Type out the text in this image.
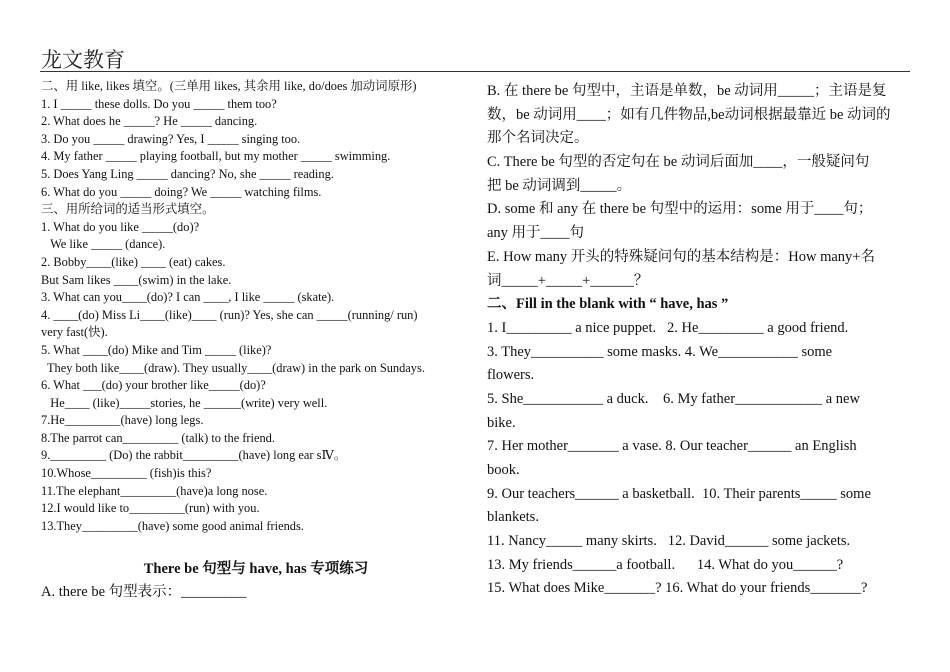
龙文教育
二、用 like, likes 填空。(三单用 likes, 其余用 like, do/does 加动词原形)
1. I _____ these dolls. Do you _____ them too?
2. What does he _____? He _____ dancing.
3. Do you _____ drawing? Yes, I _____ singing too.
4. My father _____ playing football, but my mother _____ swimming.
5. Does Yang Ling _____ dancing? No, she _____ reading.
6. What do you _____ doing? We _____ watching films.
三、用所给词的适当形式填空。
1. What do you like _____(do)?
We like _____ (dance).
2. Bobby____(like) ____ (eat) cakes.
But Sam likes ____(swim) in the lake.
3. What can you____(do)? I can ____, I like _____ (skate).
4. ____(do) Miss Li____(like)____ (run)? Yes, she can _____(running/ run)
very fast(快).
5. What ____(do) Mike and Tim _____ (like)?
They both like____(draw). They usually____(draw) in the park on Sundays.
6. What ___(do) your brother like_____(do)?
He____ (like)_____stories, he ______(write) very well.
7.He_________(have) long legs.
8.The parrot can_________ (talk) to the friend.
9._________ (Do) the rabbit_________(have) long ear sⅣ。
10.Whose_________ (fish)is this?
11.The elephant_________(have)a long nose.
12.I would like to_________(run) with you.
13.They_________(have) some good animal friends.
There be 句型与 have, has 专项练习
A. there be 句型表示：_________
B. 在 there be 句型中，主语是单数，be 动词用_____；主语是复
数，be 动词用____；如有几件物品,be动词根据最靠近 be 动词的
那个名词决定。
C. There be 句型的否定句在 be 动词后面加____，一般疑问句
把 be 动词调到_____。
D. some 和 any 在 there be 句型中的运用：some 用于____句；
any 用于____句
E. How many 开头的特殊疑问句的基本结构是：How many+名
词_____+_____+______？
二、Fill in the blank with “ have, has ”
1. I_________ a nice puppet.   2. He_________ a good friend.
3. They__________ some masks. 4. We___________ some
flowers.
5. She___________ a duck.    6. My father____________ a new
bike.
7. Her mother_______ a vase. 8. Our teacher______ an English
book.
9. Our teachers______ a basketball.  10. Their parents_____ some
blankets.
11. Nancy_____ many skirts.   12. David______ some jackets.
13. My friends______a football.      14. What do you______?
15. What does Mike_______? 16. What do your friends_______?
